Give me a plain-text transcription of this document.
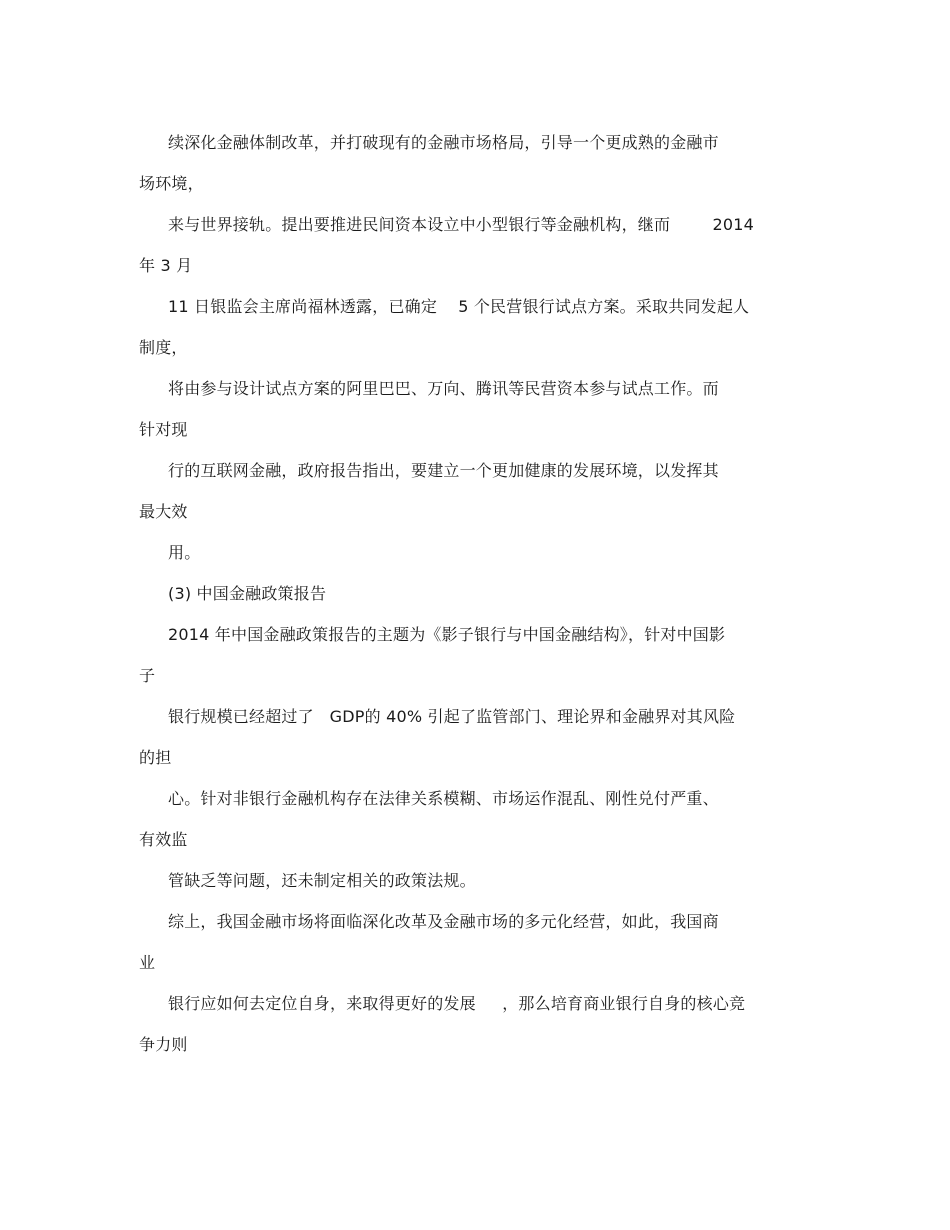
续深化金融体制改革，并打破现有的金融市场格局，引导一个更成熟的金融市
场环境，
来与世界接轨。提出要推进民间资本设立中小型银行等金融机构，继而        2014
年 3 月
11 日银监会主席尚福林透露，已确定    5 个民营银行试点方案。采取共同发起人
制度，
将由参与设计试点方案的阿里巴巴、万向、腾讯等民营资本参与试点工作。而
针对现
行的互联网金融，政府报告指出，要建立一个更加健康的发展环境，以发挥其
最大效
用。
(3) 中国金融政策报告
2014 年中国金融政策报告的主题为《影子银行与中国金融结构》，针对中国影
子
银行规模已经超过了   GDP的 40% 引起了监管部门、理论界和金融界对其风险
的担
心。针对非银行金融机构存在法律关系模糊、市场运作混乱、刚性兑付严重、
有效监
管缺乏等问题，还未制定相关的政策法规。
综上，我国金融市场将面临深化改革及金融市场的多元化经营，如此，我国商
业
银行应如何去定位自身，来取得更好的发展     ，那么培育商业银行自身的核心竞
争力则
